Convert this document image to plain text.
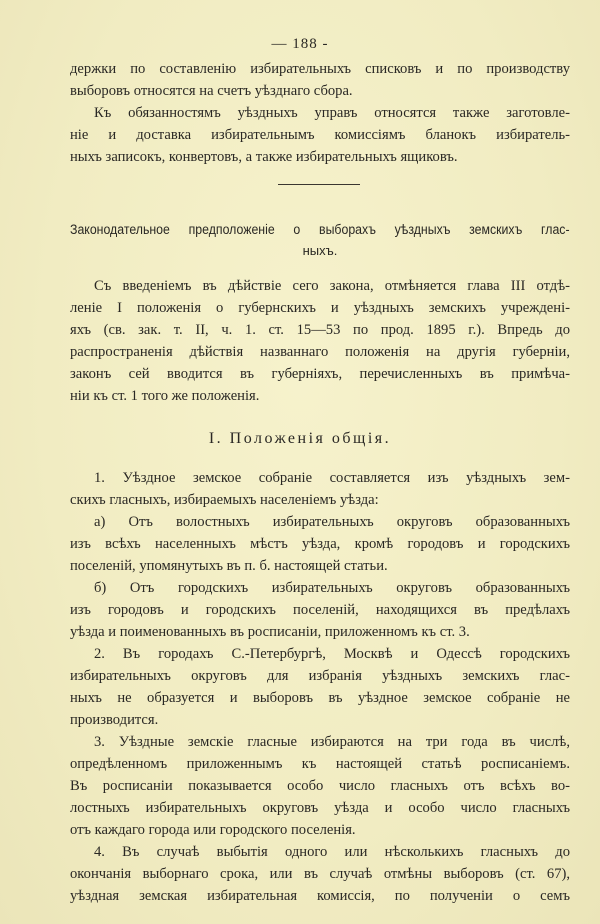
— 188 -
держки по составленію избирательныхъ списковъ и по производству
выборовъ относятся на счетъ уѣзднаго сбора.
Къ обязанностямъ уѣздныхъ управъ относятся также заготовле-
ніе и доставка избирательнымъ комиссіямъ бланокъ избиратель-
ныхъ записокъ, конвертовъ, а также избирательныхъ ящиковъ.
Законодательное предположеніе о выборахъ уѣздныхъ земскихъ глас-
ныхъ.
Съ введеніемъ въ дѣйствіе сего закона, отмѣняется глава III отдѣ-
леніе I положенія о губернскихъ и уѣздныхъ земскихъ учреждені-
яхъ (св. зак. т. II, ч. 1. ст. 15—53 по прод. 1895 г.). Впредь до
распространенія дѣйствія названнаго положенія на другія губерніи,
законъ сей вводится въ губерніяхъ, перечисленныхъ въ примѣча-
ніи къ ст. 1 того же положенія.
I. Положенія общія.
1. Уѣздное земское собраніе составляется изъ уѣздныхъ зем-
скихъ гласныхъ, избираемыхъ населеніемъ уѣзда:
а) Отъ волостныхъ избирательныхъ округовъ образованныхъ
изъ всѣхъ населенныхъ мѣстъ уѣзда, кромѣ городовъ и городскихъ
поселеній, упомянутыхъ въ п. б. настоящей статьи.
б) Отъ городскихъ избирательныхъ округовъ образованныхъ
изъ городовъ и городскихъ поселеній, находящихся въ предѣлахъ
уѣзда и поименованныхъ въ росписаніи, приложенномъ къ ст. 3.
2. Въ городахъ С.-Петербургѣ, Москвѣ и Одессѣ городскихъ
избирательныхъ округовъ для избранія уѣздныхъ земскихъ глас-
ныхъ не образуется и выборовъ въ уѣздное земское собраніе не
производится.
3. Уѣздные земскіе гласные избираются на три года въ числѣ,
опредѣленномъ приложеннымъ къ настоящей статьѣ росписаніемъ.
Въ росписаніи показывается особо число гласныхъ отъ всѣхъ во-
лостныхъ избирательныхъ округовъ уѣзда и особо число гласныхъ
отъ каждаго города или городского поселенія.
4. Въ случаѣ выбытія одного или нѣсколькихъ гласныхъ до
окончанія выборнаго срока, или въ случаѣ отмѣны выборовъ (ст. 67),
уѣздная земская избирательная комиссія, по полученіи о семъ
